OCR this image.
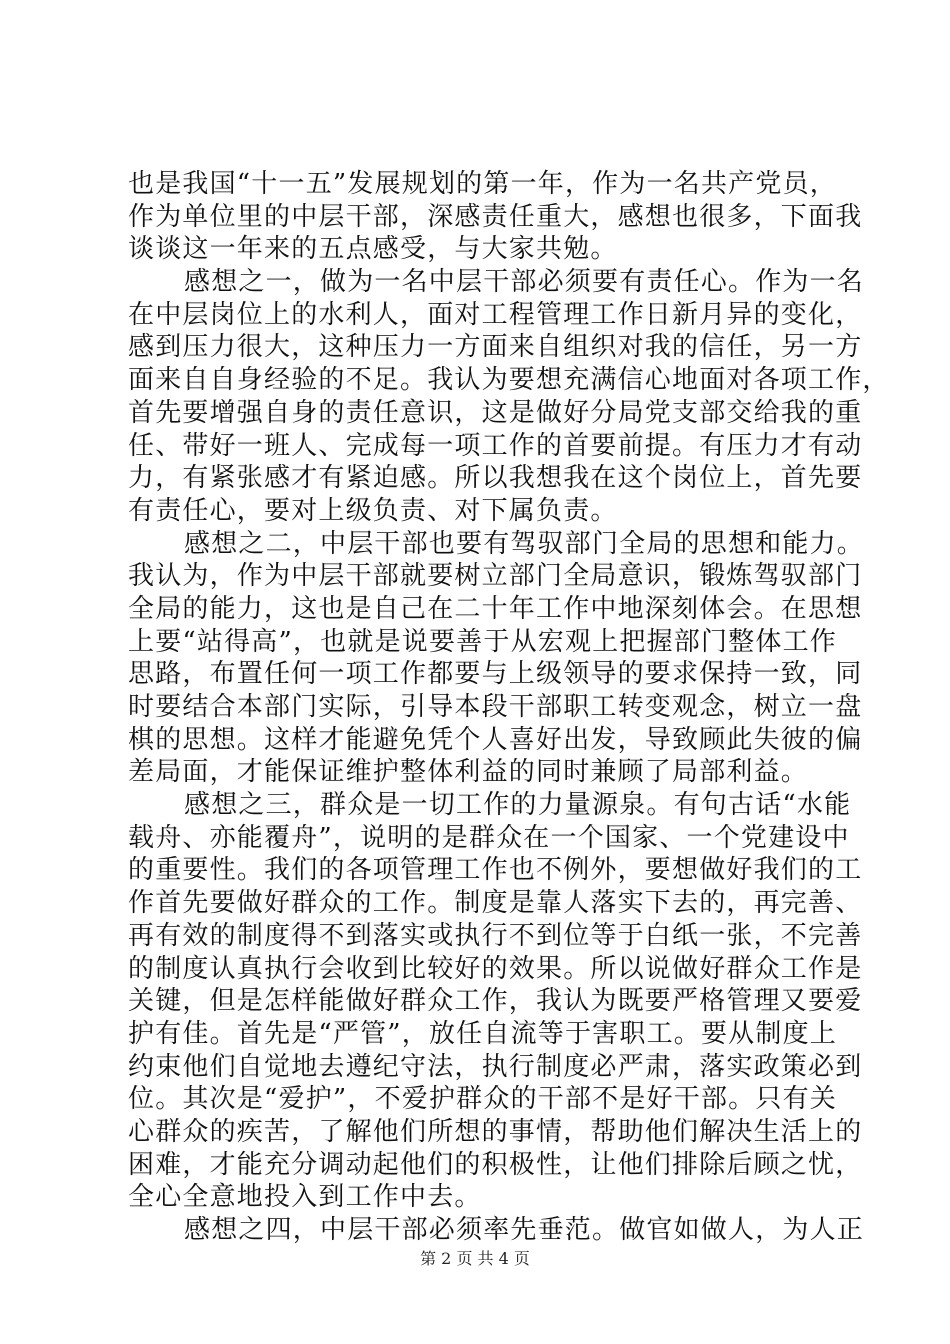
也是我国“十一五”发展规划的第一年，作为一名共产党员，
作为单位里的中层干部，深感责任重大，感想也很多，下面我
谈谈这一年来的五点感受，与大家共勉。
感想之一，做为一名中层干部必须要有责任心。作为一名
在中层岗位上的水利人，面对工程管理工作日新月异的变化，
感到压力很大，这种压力一方面来自组织对我的信任，另一方
面来自自身经验的不足。我认为要想充满信心地面对各项工作，
首先要增强自身的责任意识，这是做好分局党支部交给我的重
任、带好一班人、完成每一项工作的首要前提。有压力才有动
力，有紧张感才有紧迫感。所以我想我在这个岗位上，首先要
有责任心，要对上级负责、对下属负责。
感想之二，中层干部也要有驾驭部门全局的思想和能力。
我认为，作为中层干部就要树立部门全局意识，锻炼驾驭部门
全局的能力，这也是自己在二十年工作中地深刻体会。在思想
上要“站得高”，也就是说要善于从宏观上把握部门整体工作
思路，布置任何一项工作都要与上级领导的要求保持一致，同
时要结合本部门实际，引导本段干部职工转变观念，树立一盘
棋的思想。这样才能避免凭个人喜好出发，导致顾此失彼的偏
差局面，才能保证维护整体利益的同时兼顾了局部利益。
感想之三，群众是一切工作的力量源泉。有句古话“水能
载舟、亦能覆舟”，说明的是群众在一个国家、一个党建设中
的重要性。我们的各项管理工作也不例外，要想做好我们的工
作首先要做好群众的工作。制度是靠人落实下去的，再完善、
再有效的制度得不到落实或执行不到位等于白纸一张，不完善
的制度认真执行会收到比较好的效果。所以说做好群众工作是
关键，但是怎样能做好群众工作，我认为既要严格管理又要爱
护有佳。首先是“严管”，放任自流等于害职工。要从制度上
约束他们自觉地去遵纪守法，执行制度必严肃，落实政策必到
位。其次是“爱护”，不爱护群众的干部不是好干部。只有关
心群众的疾苦，了解他们所想的事情，帮助他们解决生活上的
困难，才能充分调动起他们的积极性，让他们排除后顾之忧，
全心全意地投入到工作中去。
感想之四，中层干部必须率先垂范。做官如做人，为人正
第 2 页 共 4 页
